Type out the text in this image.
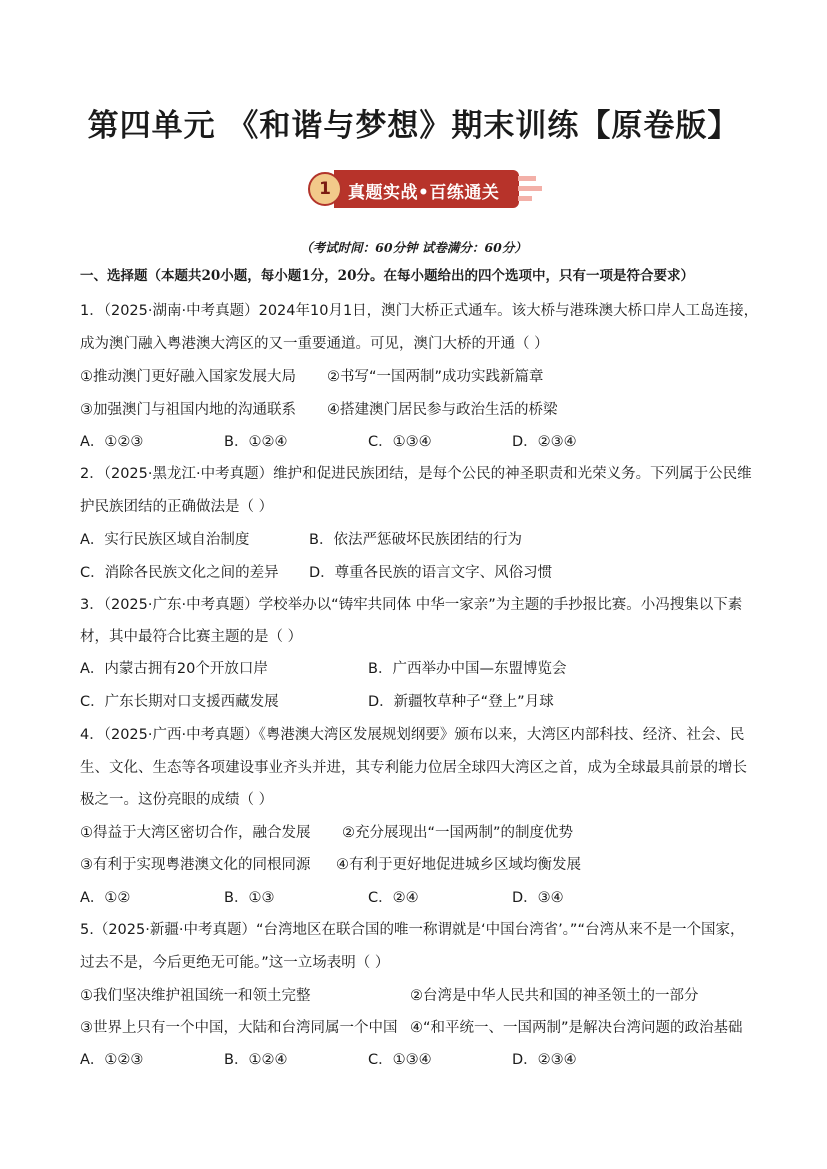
第四单元 《和谐与梦想》期末训练【原卷版】
1	真题实战•百练通关
（考试时间：60分钟 试卷满分：60分）
一、选择题（本题共20小题，每小题1分，20分。在每小题给出的四个选项中，只有一项是符合要求）
1．（2025·湖南·中考真题）2024年10月1日，澳门大桥正式通车。该大桥与港珠澳大桥口岸人工岛连接，
成为澳门融入粤港澳大湾区的又一重要通道。可见，澳门大桥的开通（ ）
①推动澳门更好融入国家发展大局 ②书写“一国两制”成功实践新篇章
③加强澳门与祖国内地的沟通联系 ④搭建澳门居民参与政治生活的桥梁
A．①②③	B．①②④	C．①③④	D．②③④
2．（2025·黑龙江·中考真题）维护和促进民族团结，是每个公民的神圣职责和光荣义务。下列属于公民维
护民族团结的正确做法是（ ）
A．实行民族区域自治制度	B．依法严惩破坏民族团结的行为
C．消除各民族文化之间的差异 D．尊重各民族的语言文字、风俗习惯
3．（2025·广东·中考真题）学校举办以“铸牢共同体 中华一家亲”为主题的手抄报比赛。小冯搜集以下素
材，其中最符合比赛主题的是（ ）
A．内蒙古拥有20个开放口岸	B．广西举办中国—东盟博览会
C．广东长期对口支援西藏发展	D．新疆牧草种子“登上”月球
4．（2025·广西·中考真题）《粤港澳大湾区发展规划纲要》颁布以来，大湾区内部科技、经济、社会、民
生、文化、生态等各项建设事业齐头并进，其专利能力位居全球四大湾区之首，成为全球最具前景的增长
极之一。这份亮眼的成绩（ ）
①得益于大湾区密切合作，融合发展 ②充分展现出“一国两制”的制度优势
③有利于实现粤港澳文化的同根同源 ④有利于更好地促进城乡区域均衡发展
A．①②	B．①③	C．②④	D．③④
5.（2025·新疆·中考真题）“台湾地区在联合国的唯一称谓就是‘中国台湾省’。”“台湾从来不是一个国家，
过去不是，今后更绝无可能。”这一立场表明（ ）
①我们坚决维护祖国统一和领土完整	②台湾是中华人民共和国的神圣领土的一部分
③世界上只有一个中国，大陆和台湾同属一个中国 ④“和平统一、一国两制”是解决台湾问题的政治基础
A．①②③	B．①②④	C．①③④	D．②③④
